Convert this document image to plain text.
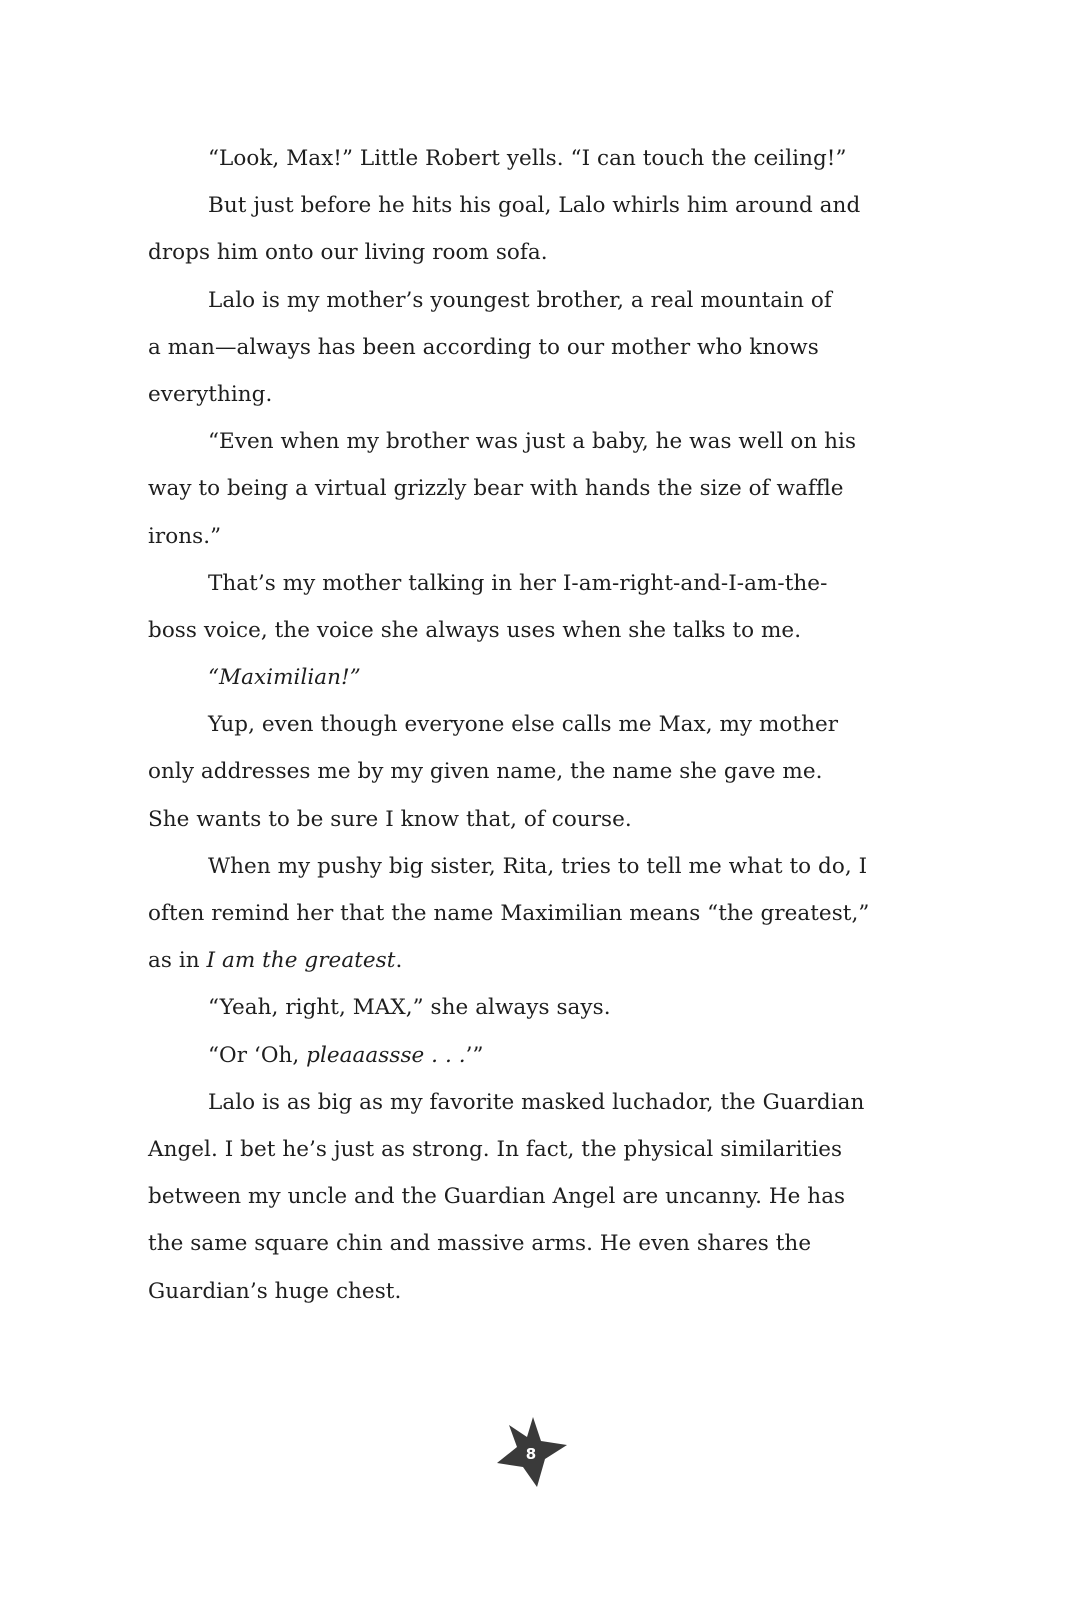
“Look, Max!” Little Robert yells. “I can touch the ceiling!”
But just before he hits his goal, Lalo whirls him around and
drops him onto our living room sofa.
Lalo is my mother’s youngest brother, a real mountain of
a man—always has been according to our mother who knows
everything.
“Even when my brother was just a baby, he was well on his
way to being a virtual grizzly bear with hands the size of waffle
irons.”
That’s my mother talking in her I-am-right-and-I-am-the-
boss voice, the voice she always uses when she talks to me.
“Maximilian!”
Yup, even though everyone else calls me Max, my mother
only addresses me by my given name, the name she gave me.
She wants to be sure I know that, of course.
When my pushy big sister, Rita, tries to tell me what to do, I
often remind her that the name Maximilian means “the greatest,”
as in I am the greatest.
“Yeah, right, MAX,” she always says.
“Or ‘Oh, pleaaassse . . .’”
Lalo is as big as my favorite masked luchador, the Guardian
Angel. I bet he’s just as strong. In fact, the physical similarities
between my uncle and the Guardian Angel are uncanny. He has
the same square chin and massive arms. He even shares the
Guardian’s huge chest.
8
